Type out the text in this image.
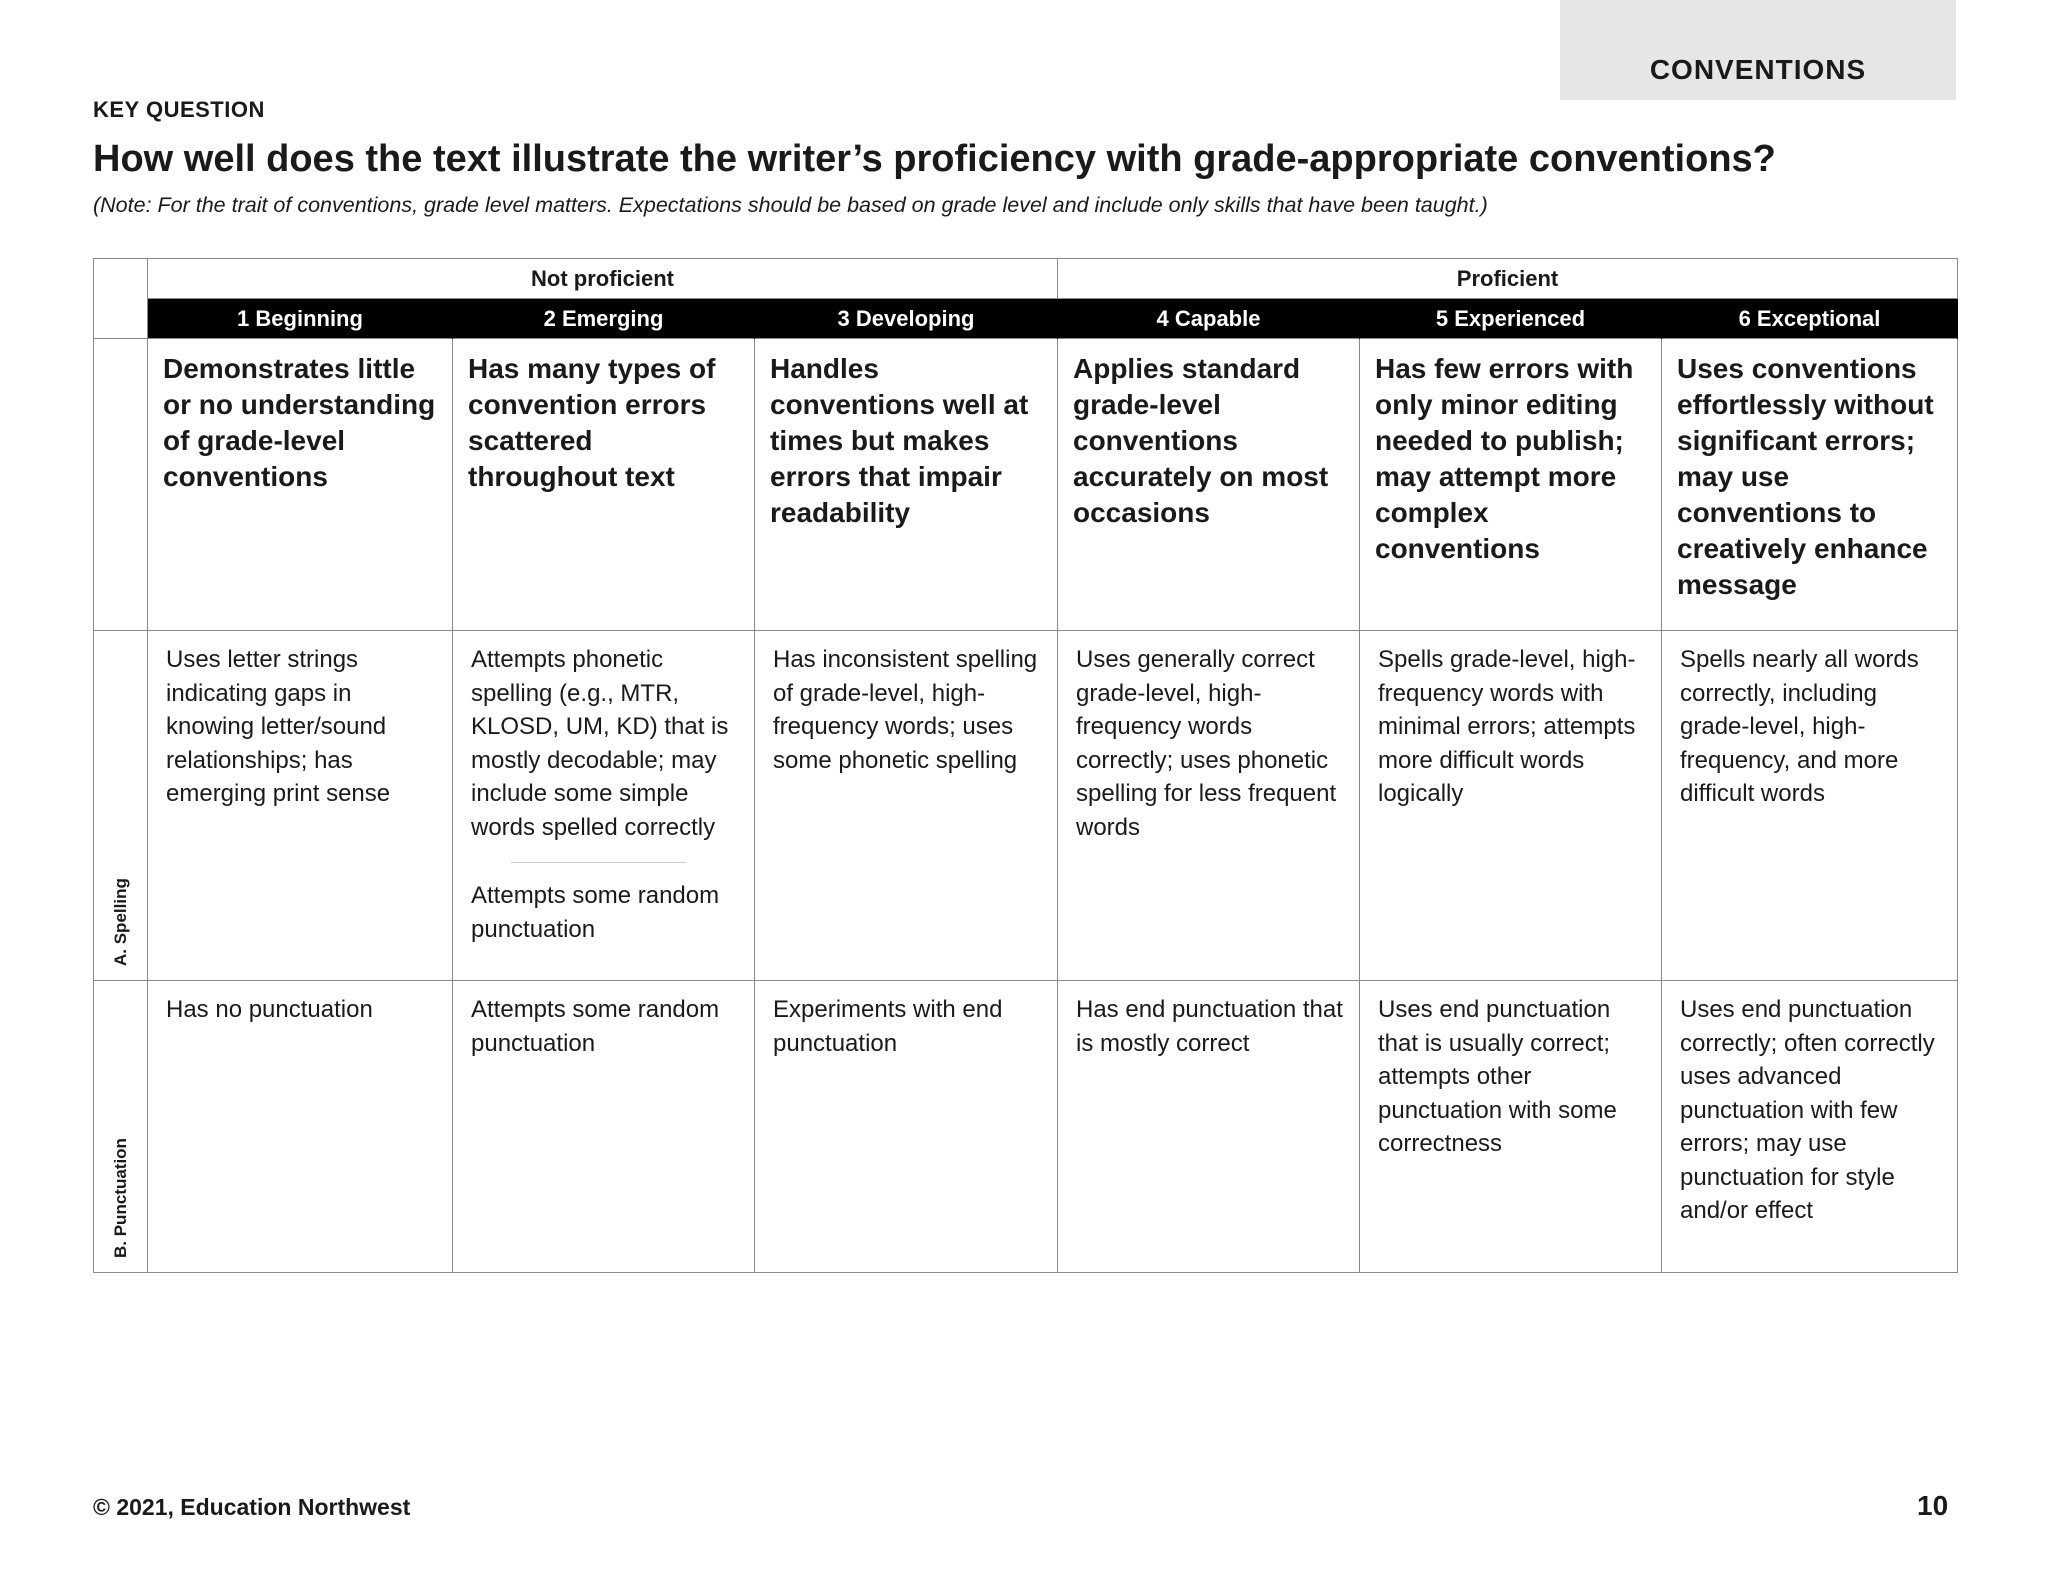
CONVENTIONS
KEY QUESTION
How well does the text illustrate the writer’s proficiency with grade-appropriate conventions?
(Note: For the trait of conventions, grade level matters. Expectations should be based on grade level and include only skills that have been taught.)
	Not proficient			Proficient		
	1 Beginning	2 Emerging	3 Developing	4 Capable	5 Experienced	6 Exceptional
	Demonstrates little or no understanding of grade-level conventions	Has many types of convention errors scattered throughout text	Handles conventions well at times but makes errors that impair readability	Applies standard grade-level conventions accurately on most occasions	Has few errors with only minor editing needed to publish; may attempt more complex conventions	Uses conventions effortlessly without significant errors; may use conventions to creatively enhance message

A. Spelling	Uses letter strings indicating gaps in knowing letter/sound relationships; has emerging print sense	Attempts phonetic spelling (e.g., MTR, KLOSD, UM, KD) that is mostly decodable; may include some simple words spelled correctly
Attempts some random punctuation	Has inconsistent spelling of grade-level, high-frequency words; uses some phonetic spelling	Uses generally correct grade-level, high-frequency words correctly; uses phonetic spelling for less frequent words	Spells grade-level, high-frequency words with minimal errors; attempts more difficult words logically	Spells nearly all words correctly, including grade-level, high-frequency, and more difficult words

B. Punctuation	Has no punctuation	Attempts some random punctuation	Experiments with end punctuation	Has end punctuation that is mostly correct	Uses end punctuation that is usually correct; attempts other punctuation with some correctness	Uses end punctuation correctly; often correctly uses advanced punctuation with few errors; may use punctuation for style and/or effect
© 2021, Education Northwest	10
